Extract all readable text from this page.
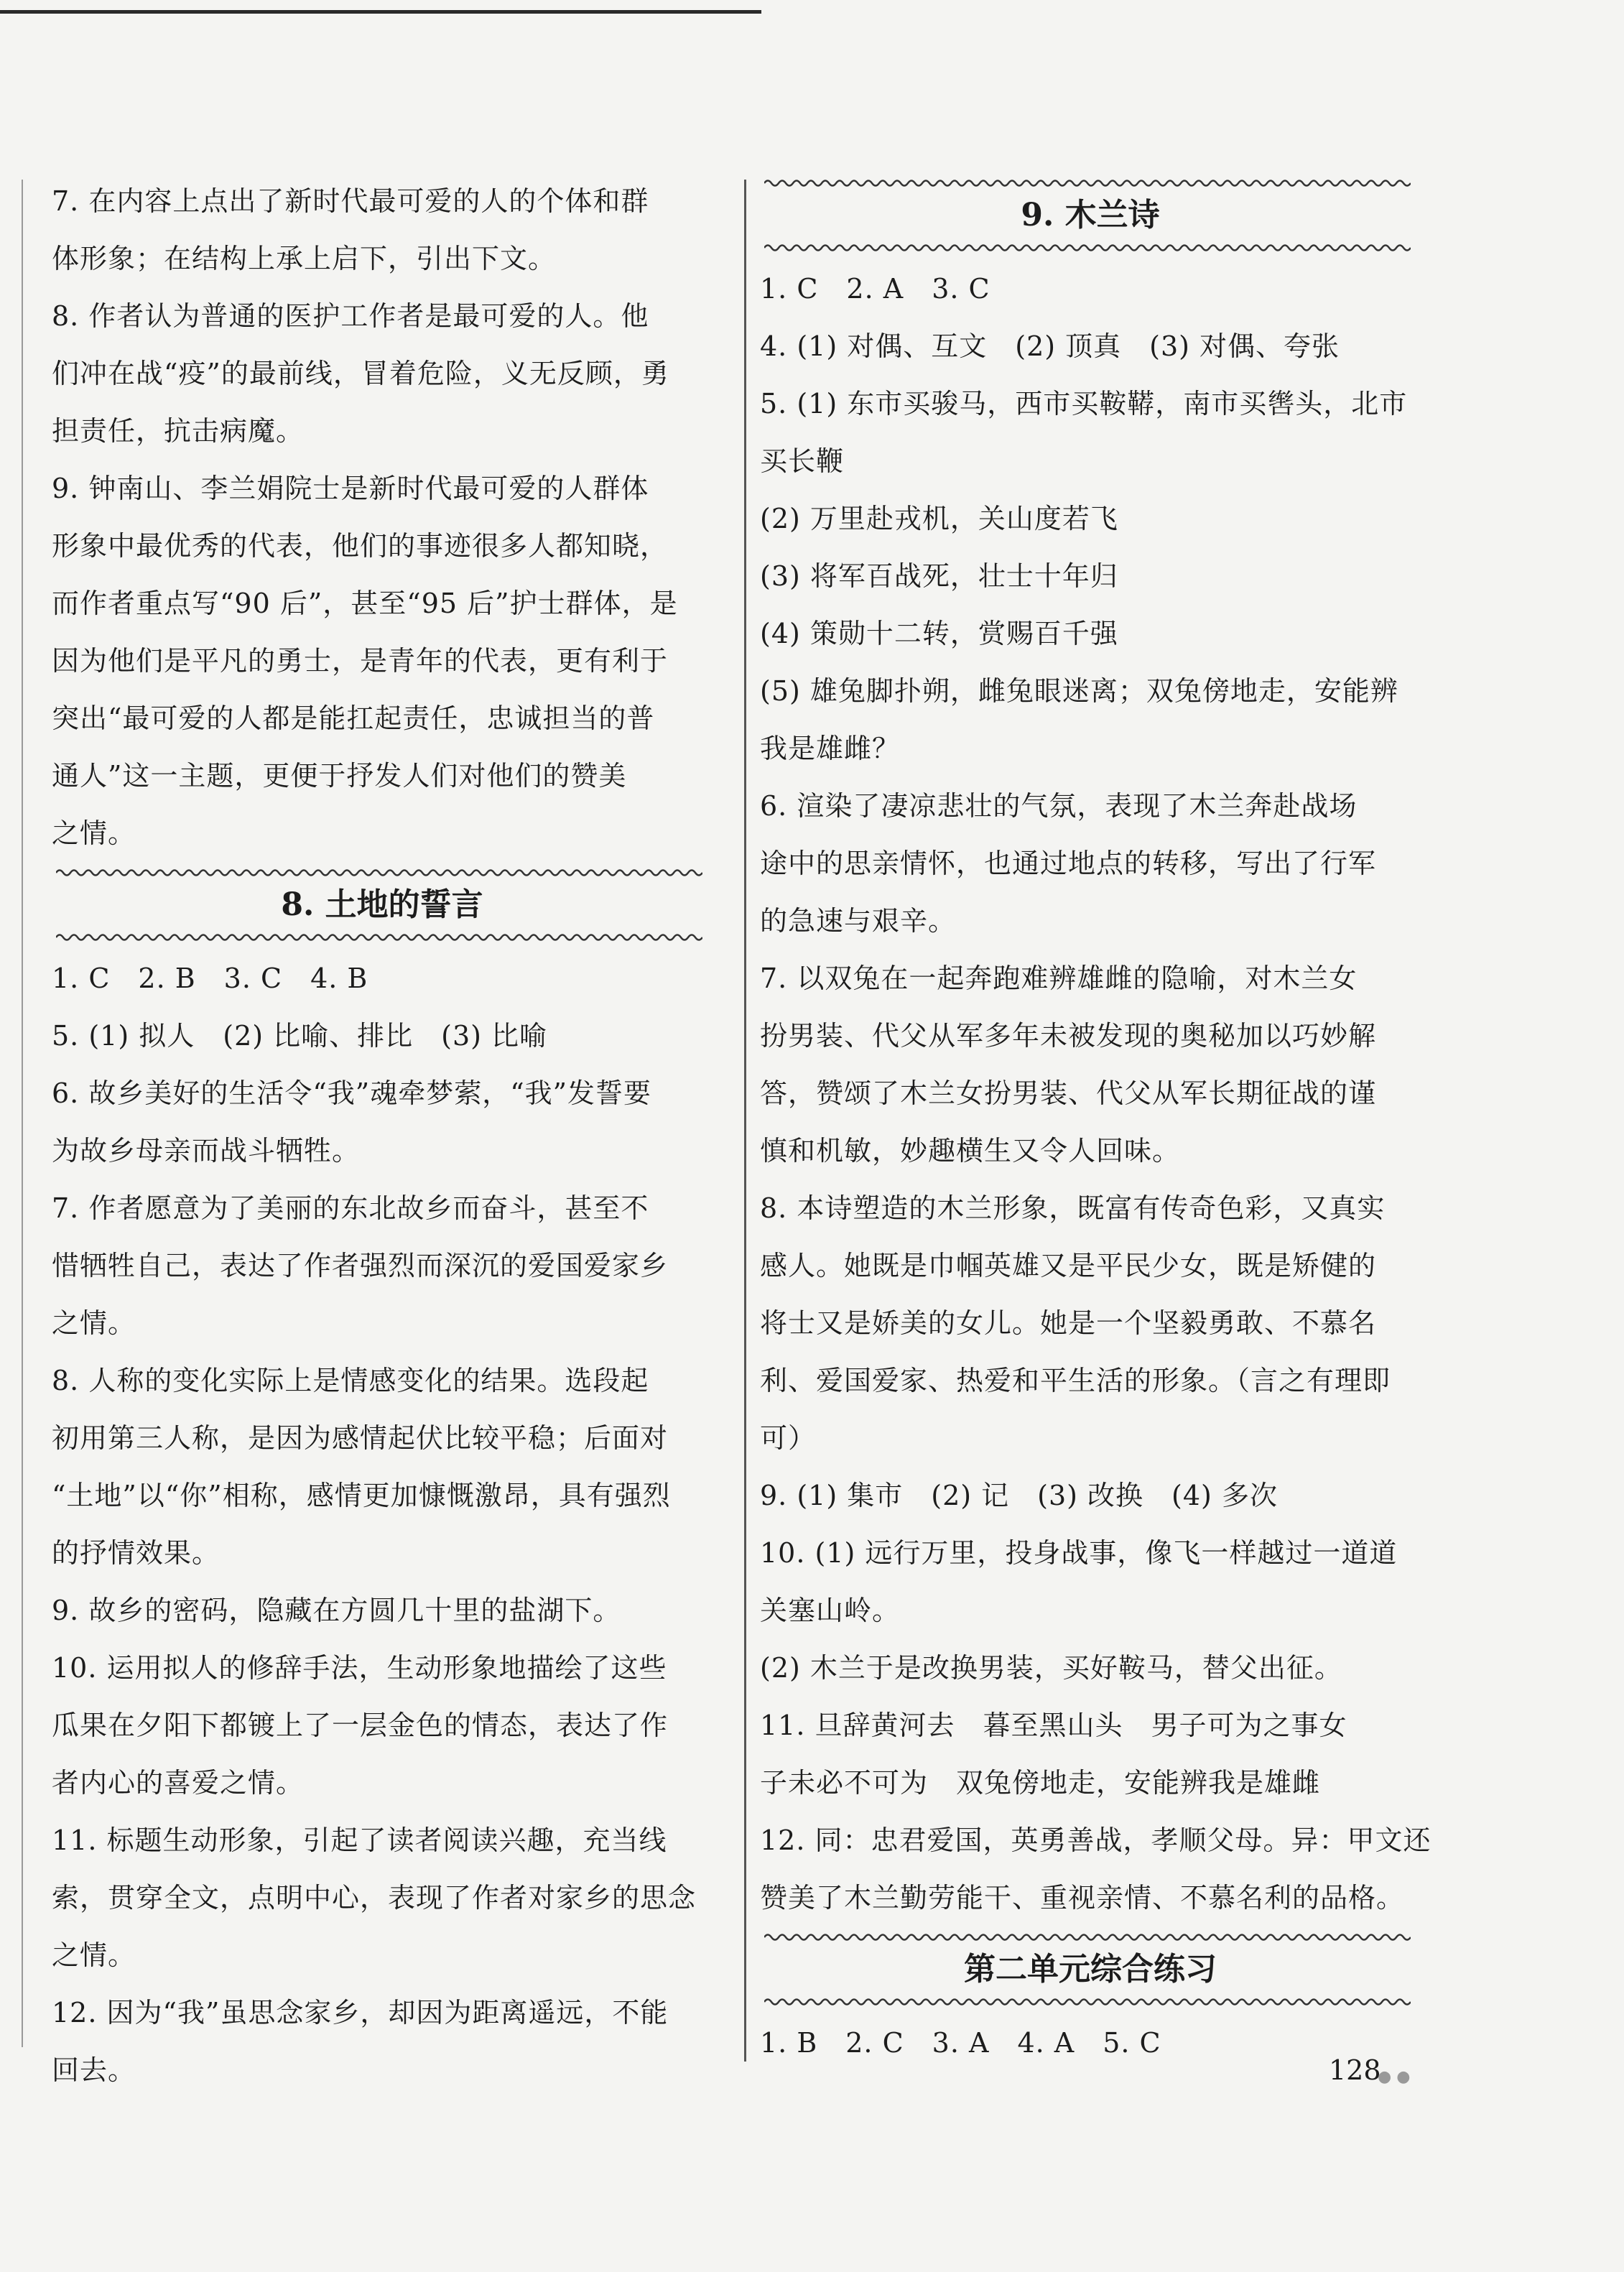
7. 在内容上点出了新时代最可爱的人的个体和群
体形象；在结构上承上启下，引出下文。
8. 作者认为普通的医护工作者是最可爱的人。他
们冲在战“疫”的最前线，冒着危险，义无反顾，勇
担责任，抗击病魔。
9. 钟南山、李兰娟院士是新时代最可爱的人群体
形象中最优秀的代表，他们的事迹很多人都知晓，
而作者重点写“90 后”，甚至“95 后”护士群体，是
因为他们是平凡的勇士，是青年的代表，更有利于
突出“最可爱的人都是能扛起责任，忠诚担当的普
通人”这一主题，更便于抒发人们对他们的赞美
之情。
8. 土地的誓言
1. C　2. B　3. C　4. B
5. (1) 拟人　(2) 比喻、排比　(3) 比喻
6. 故乡美好的生活令“我”魂牵梦萦，“我”发誓要
为故乡母亲而战斗牺牲。
7. 作者愿意为了美丽的东北故乡而奋斗，甚至不
惜牺牲自己，表达了作者强烈而深沉的爱国爱家乡
之情。
8. 人称的变化实际上是情感变化的结果。选段起
初用第三人称，是因为感情起伏比较平稳；后面对
“土地”以“你”相称，感情更加慷慨激昂，具有强烈
的抒情效果。
9. 故乡的密码，隐藏在方圆几十里的盐湖下。
10. 运用拟人的修辞手法，生动形象地描绘了这些
瓜果在夕阳下都镀上了一层金色的情态，表达了作
者内心的喜爱之情。
11. 标题生动形象，引起了读者阅读兴趣，充当线
索，贯穿全文，点明中心，表现了作者对家乡的思念
之情。
12. 因为“我”虽思念家乡，却因为距离遥远，不能
回去。
9. 木兰诗
1. C　2. A　3. C
4. (1) 对偶、互文　(2) 顶真　(3) 对偶、夸张
5. (1) 东市买骏马，西市买鞍鞯，南市买辔头，北市
买长鞭
(2) 万里赴戎机，关山度若飞
(3) 将军百战死，壮士十年归
(4) 策勋十二转，赏赐百千强
(5) 雄兔脚扑朔，雌兔眼迷离；双兔傍地走，安能辨
我是雄雌？
6. 渲染了凄凉悲壮的气氛，表现了木兰奔赴战场
途中的思亲情怀，也通过地点的转移，写出了行军
的急速与艰辛。
7. 以双兔在一起奔跑难辨雄雌的隐喻，对木兰女
扮男装、代父从军多年未被发现的奥秘加以巧妙解
答，赞颂了木兰女扮男装、代父从军长期征战的谨
慎和机敏，妙趣横生又令人回味。
8. 本诗塑造的木兰形象，既富有传奇色彩，又真实
感人。她既是巾帼英雄又是平民少女，既是矫健的
将士又是娇美的女儿。她是一个坚毅勇敢、不慕名
利、爱国爱家、热爱和平生活的形象。（言之有理即
可）
9. (1) 集市　(2) 记　(3) 改换　(4) 多次
10. (1) 远行万里，投身战事，像飞一样越过一道道
关塞山岭。
(2) 木兰于是改换男装，买好鞍马，替父出征。
11. 旦辞黄河去　暮至黑山头　男子可为之事女
子未必不可为　双兔傍地走，安能辨我是雄雌
12. 同：忠君爱国，英勇善战，孝顺父母。异：甲文还
赞美了木兰勤劳能干、重视亲情、不慕名利的品格。
第二单元综合练习
1. B　2. C　3. A　4. A　5. C
128
● ●
